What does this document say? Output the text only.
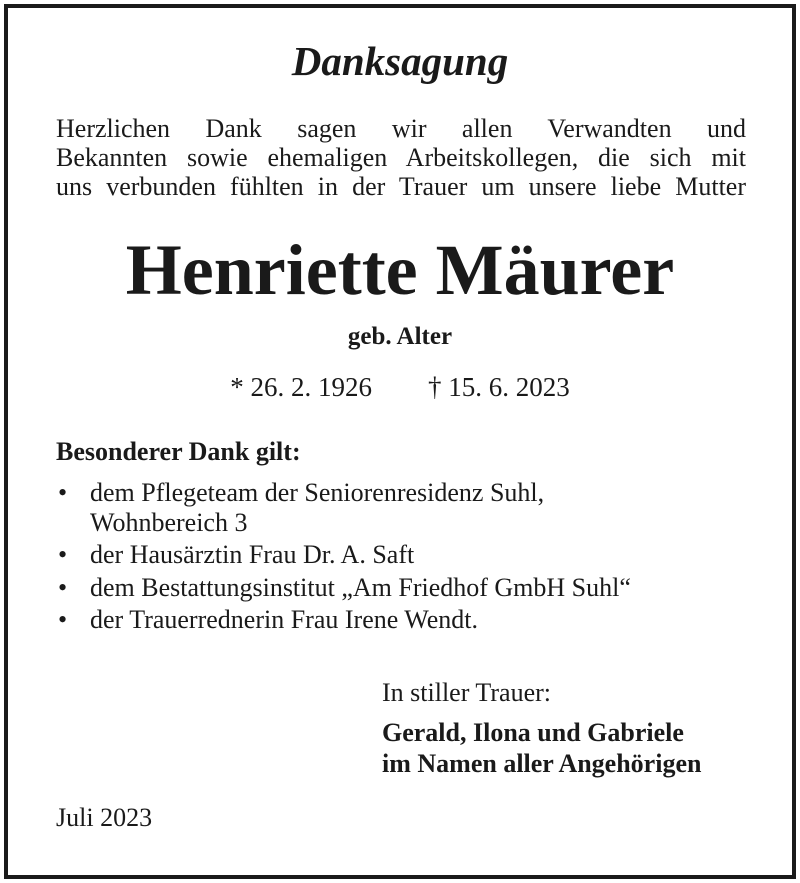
Danksagung
Herzlichen Dank sagen wir allen Verwandten und
Bekannten sowie ehemaligen Arbeitskollegen, die sich mit
uns verbunden fühlten in der Trauer um unsere liebe Mutter
Henriette Mäurer
geb. Alter
* 26. 2. 1926 † 15. 6. 2023
Besonderer Dank gilt:
• dem Pflegeteam der Seniorenresidenz Suhl,
Wohnbereich 3
• der Hausärztin Frau Dr. A. Saft
• dem Bestattungsinstitut „Am Friedhof GmbH Suhl“
• der Trauerrednerin Frau Irene Wendt.
In stiller Trauer:
Gerald, Ilona und Gabriele
im Namen aller Angehörigen
Juli 2023
